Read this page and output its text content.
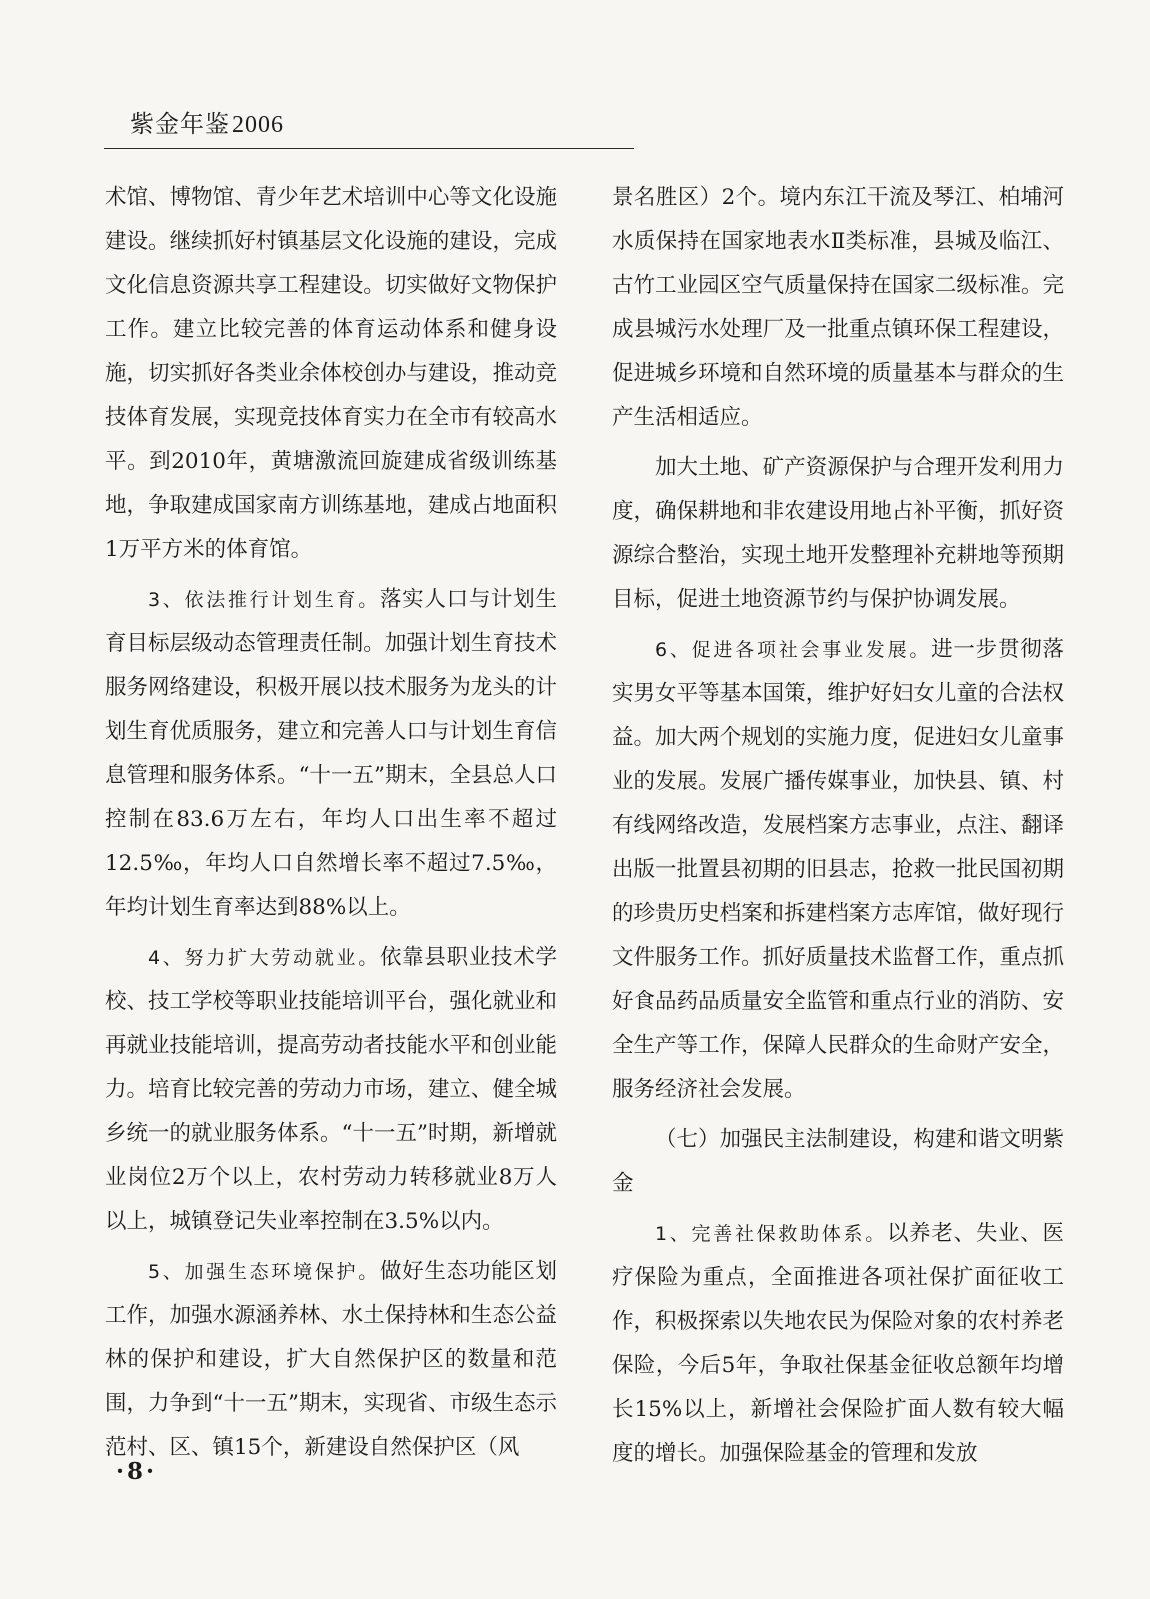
紫金年鉴2006

术馆、博物馆、青少年艺术培训中心等文化设施建设。继续抓好村镇基层文化设施的建设，完成文化信息资源共享工程建设。切实做好文物保护工作。建立比较完善的体育运动体系和健身设施，切实抓好各类业余体校创办与建设，推动竞技体育发展，实现竞技体育实力在全市有较高水平。到2010年，黄塘激流回旋建成省级训练基地，争取建成国家南方训练基地，建成占地面积1万平方米的体育馆。

3、依法推行计划生育。落实人口与计划生育目标层级动态管理责任制。加强计划生育技术服务网络建设，积极开展以技术服务为龙头的计划生育优质服务，建立和完善人口与计划生育信息管理和服务体系。“十一五”期末，全县总人口控制在83.6万左右，年均人口出生率不超过12.5‰，年均人口自然增长率不超过7.5‰，年均计划生育率达到88%以上。

4、努力扩大劳动就业。依靠县职业技术学校、技工学校等职业技能培训平台，强化就业和再就业技能培训，提高劳动者技能水平和创业能力。培育比较完善的劳动力市场，建立、健全城乡统一的就业服务体系。“十一五”时期，新增就业岗位2万个以上，农村劳动力转移就业8万人以上，城镇登记失业率控制在3.5%以内。

5、加强生态环境保护。做好生态功能区划工作，加强水源涵养林、水土保持林和生态公益林的保护和建设，扩大自然保护区的数量和范围，力争到“十一五”期末，实现省、市级生态示范村、区、镇15个，新建设自然保护区（风

景名胜区）2个。境内东江干流及琴江、柏埔河水质保持在国家地表水Ⅱ类标准，县城及临江、古竹工业园区空气质量保持在国家二级标准。完成县城污水处理厂及一批重点镇环保工程建设，促进城乡环境和自然环境的质量基本与群众的生产生活相适应。

加大土地、矿产资源保护与合理开发利用力度，确保耕地和非农建设用地占补平衡，抓好资源综合整治，实现土地开发整理补充耕地等预期目标，促进土地资源节约与保护协调发展。

6、促进各项社会事业发展。进一步贯彻落实男女平等基本国策，维护好妇女儿童的合法权益。加大两个规划的实施力度，促进妇女儿童事业的发展。发展广播传媒事业，加快县、镇、村有线网络改造，发展档案方志事业，点注、翻译出版一批置县初期的旧县志，抢救一批民国初期的珍贵历史档案和拆建档案方志库馆，做好现行文件服务工作。抓好质量技术监督工作，重点抓好食品药品质量安全监管和重点行业的消防、安全生产等工作，保障人民群众的生命财产安全，服务经济社会发展。

（七）加强民主法制建设，构建和谐文明紫金

1、完善社保救助体系。以养老、失业、医疗保险为重点，全面推进各项社保扩面征收工作，积极探索以失地农民为保险对象的农村养老保险，今后5年，争取社保基金征收总额年均增长15%以上，新增社会保险扩面人数有较大幅度的增长。加强保险基金的管理和发放

·8·
